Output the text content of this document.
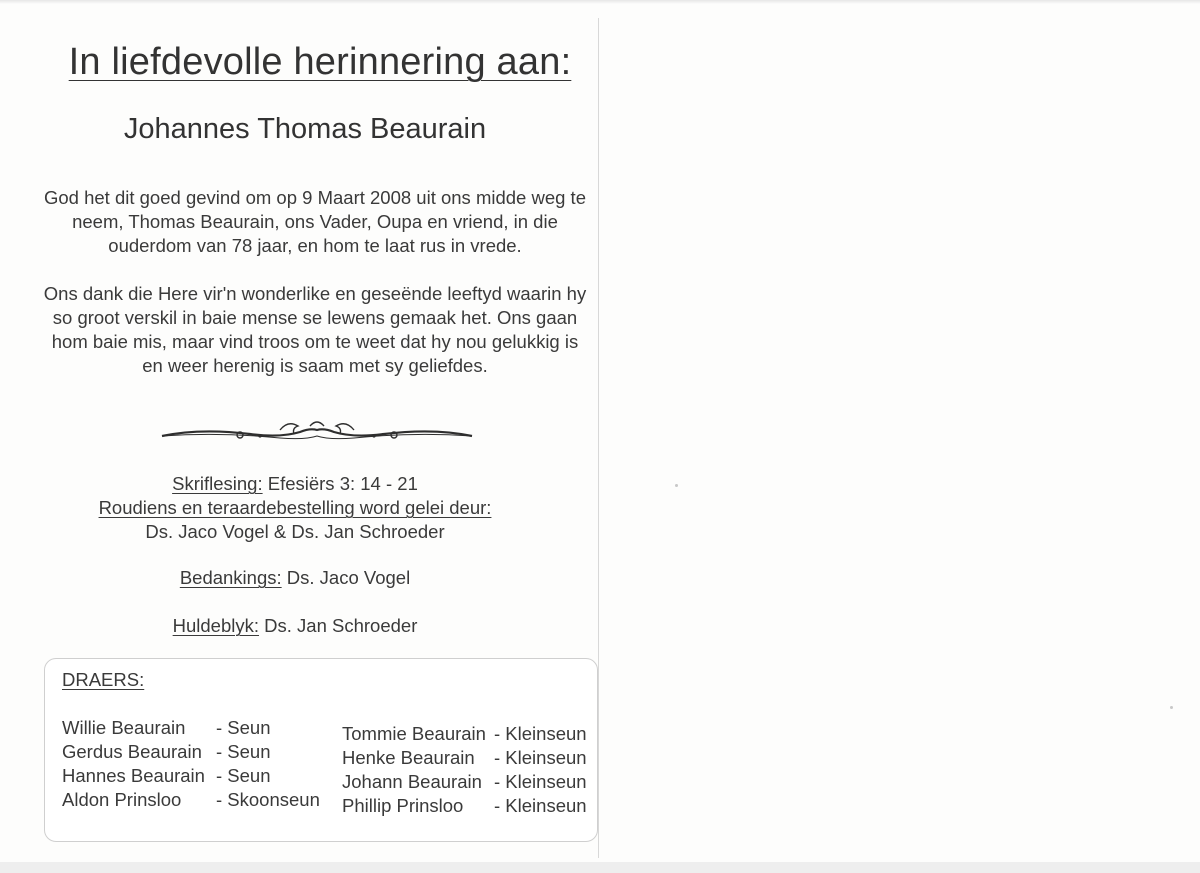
In liefdevolle herinnering aan:
Johannes Thomas Beaurain

God het dit goed gevind om op 9 Maart 2008 uit ons midde weg te neem, Thomas Beaurain, ons Vader, Oupa en vriend, in die ouderdom van 78 jaar, en hom te laat rus in vrede.

Ons dank die Here vir'n wonderlike en geseënde leeftyd waarin hy so groot verskil in baie mense se lewens gemaak het. Ons gaan hom baie mis, maar vind troos om te weet dat hy nou gelukkig is en weer herenig is saam met sy geliefdes.

Skriflesing: Efesiërs 3: 14 - 21
Roudiens en teraardebestelling word gelei deur:
Ds. Jaco Vogel & Ds. Jan Schroeder
Bedankings: Ds. Jaco Vogel
Huldeblyk: Ds. Jan Schroeder
DRAERS:
Willie Beaurain - Seun
Gerdus Beaurain - Seun
Hannes Beaurain - Seun
Aldon Prinsloo - Skoonseun
Tommie Beaurain - Kleinseun
Henke Beaurain - Kleinseun
Johann Beaurain - Kleinseun
Phillip Prinsloo - Kleinseun
